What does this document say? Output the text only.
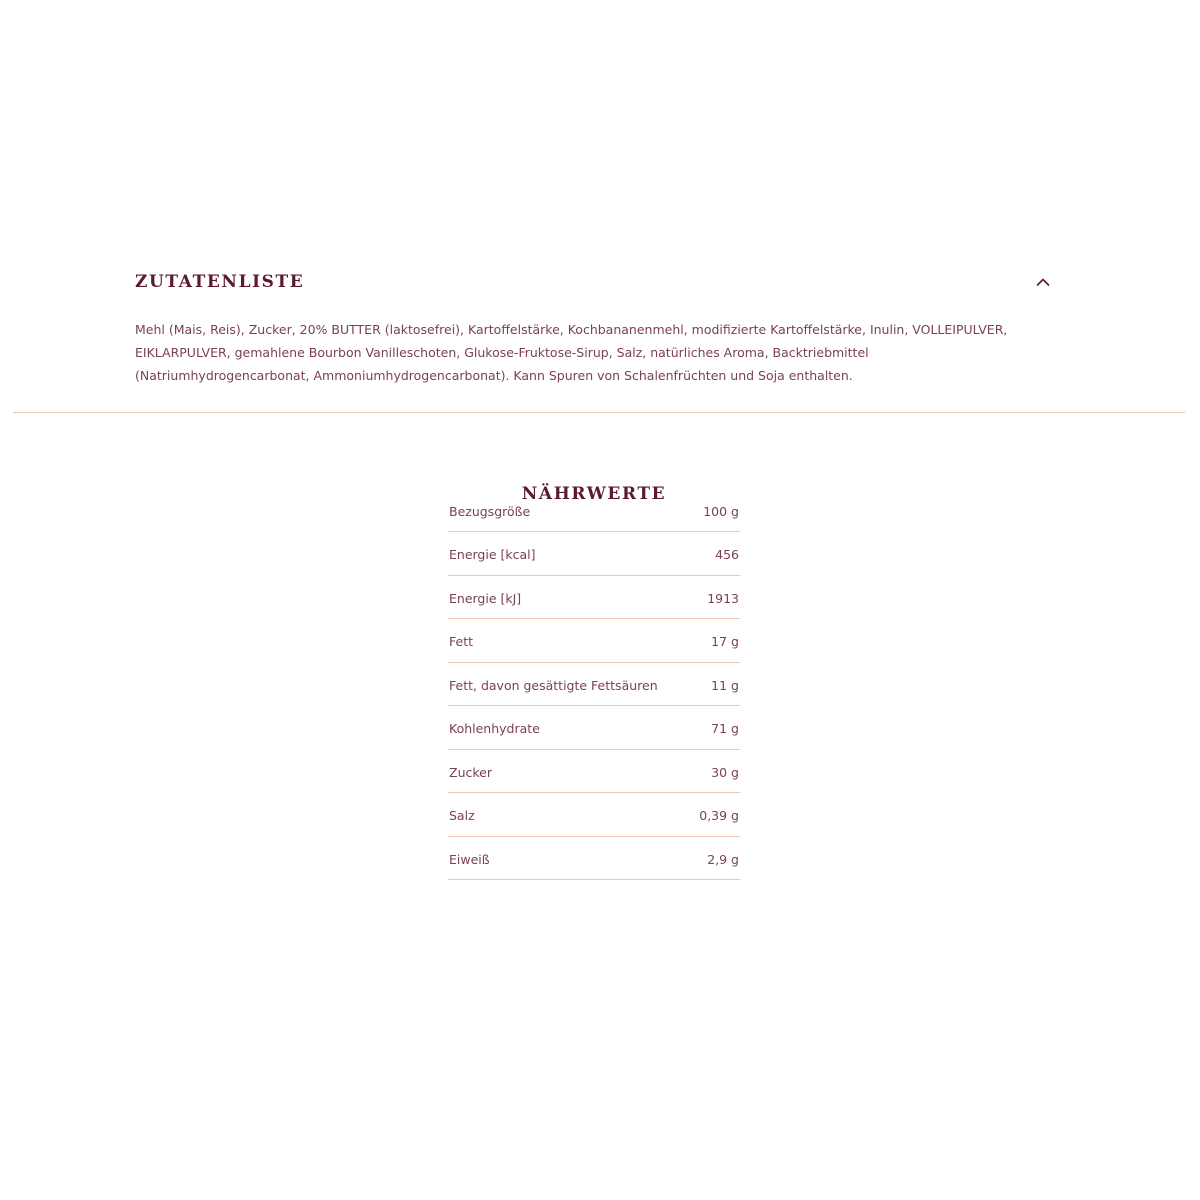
ZUTATENLISTE

Mehl (Mais, Reis), Zucker, 20% BUTTER (laktosefrei), Kartoffelstärke, Kochbananenmehl, modifizierte Kartoffelstärke, Inulin, VOLLEIPULVER, EIKLARPULVER, gemahlene Bourbon Vanilleschoten, Glukose-Fruktose-Sirup, Salz, natürliches Aroma, Backtriebmittel (Natriumhydrogencarbonat, Ammoniumhydrogencarbonat). Kann Spuren von Schalenfrüchten und Soja enthalten.

NÄHRWERTE
Bezugsgröße	100 g
Energie [kcal]	456
Energie [kJ]	1913
Fett	17 g
Fett, davon gesättigte Fettsäuren	11 g
Kohlenhydrate	71 g
Zucker	30 g
Salz	0,39 g
Eiweiß	2,9 g
